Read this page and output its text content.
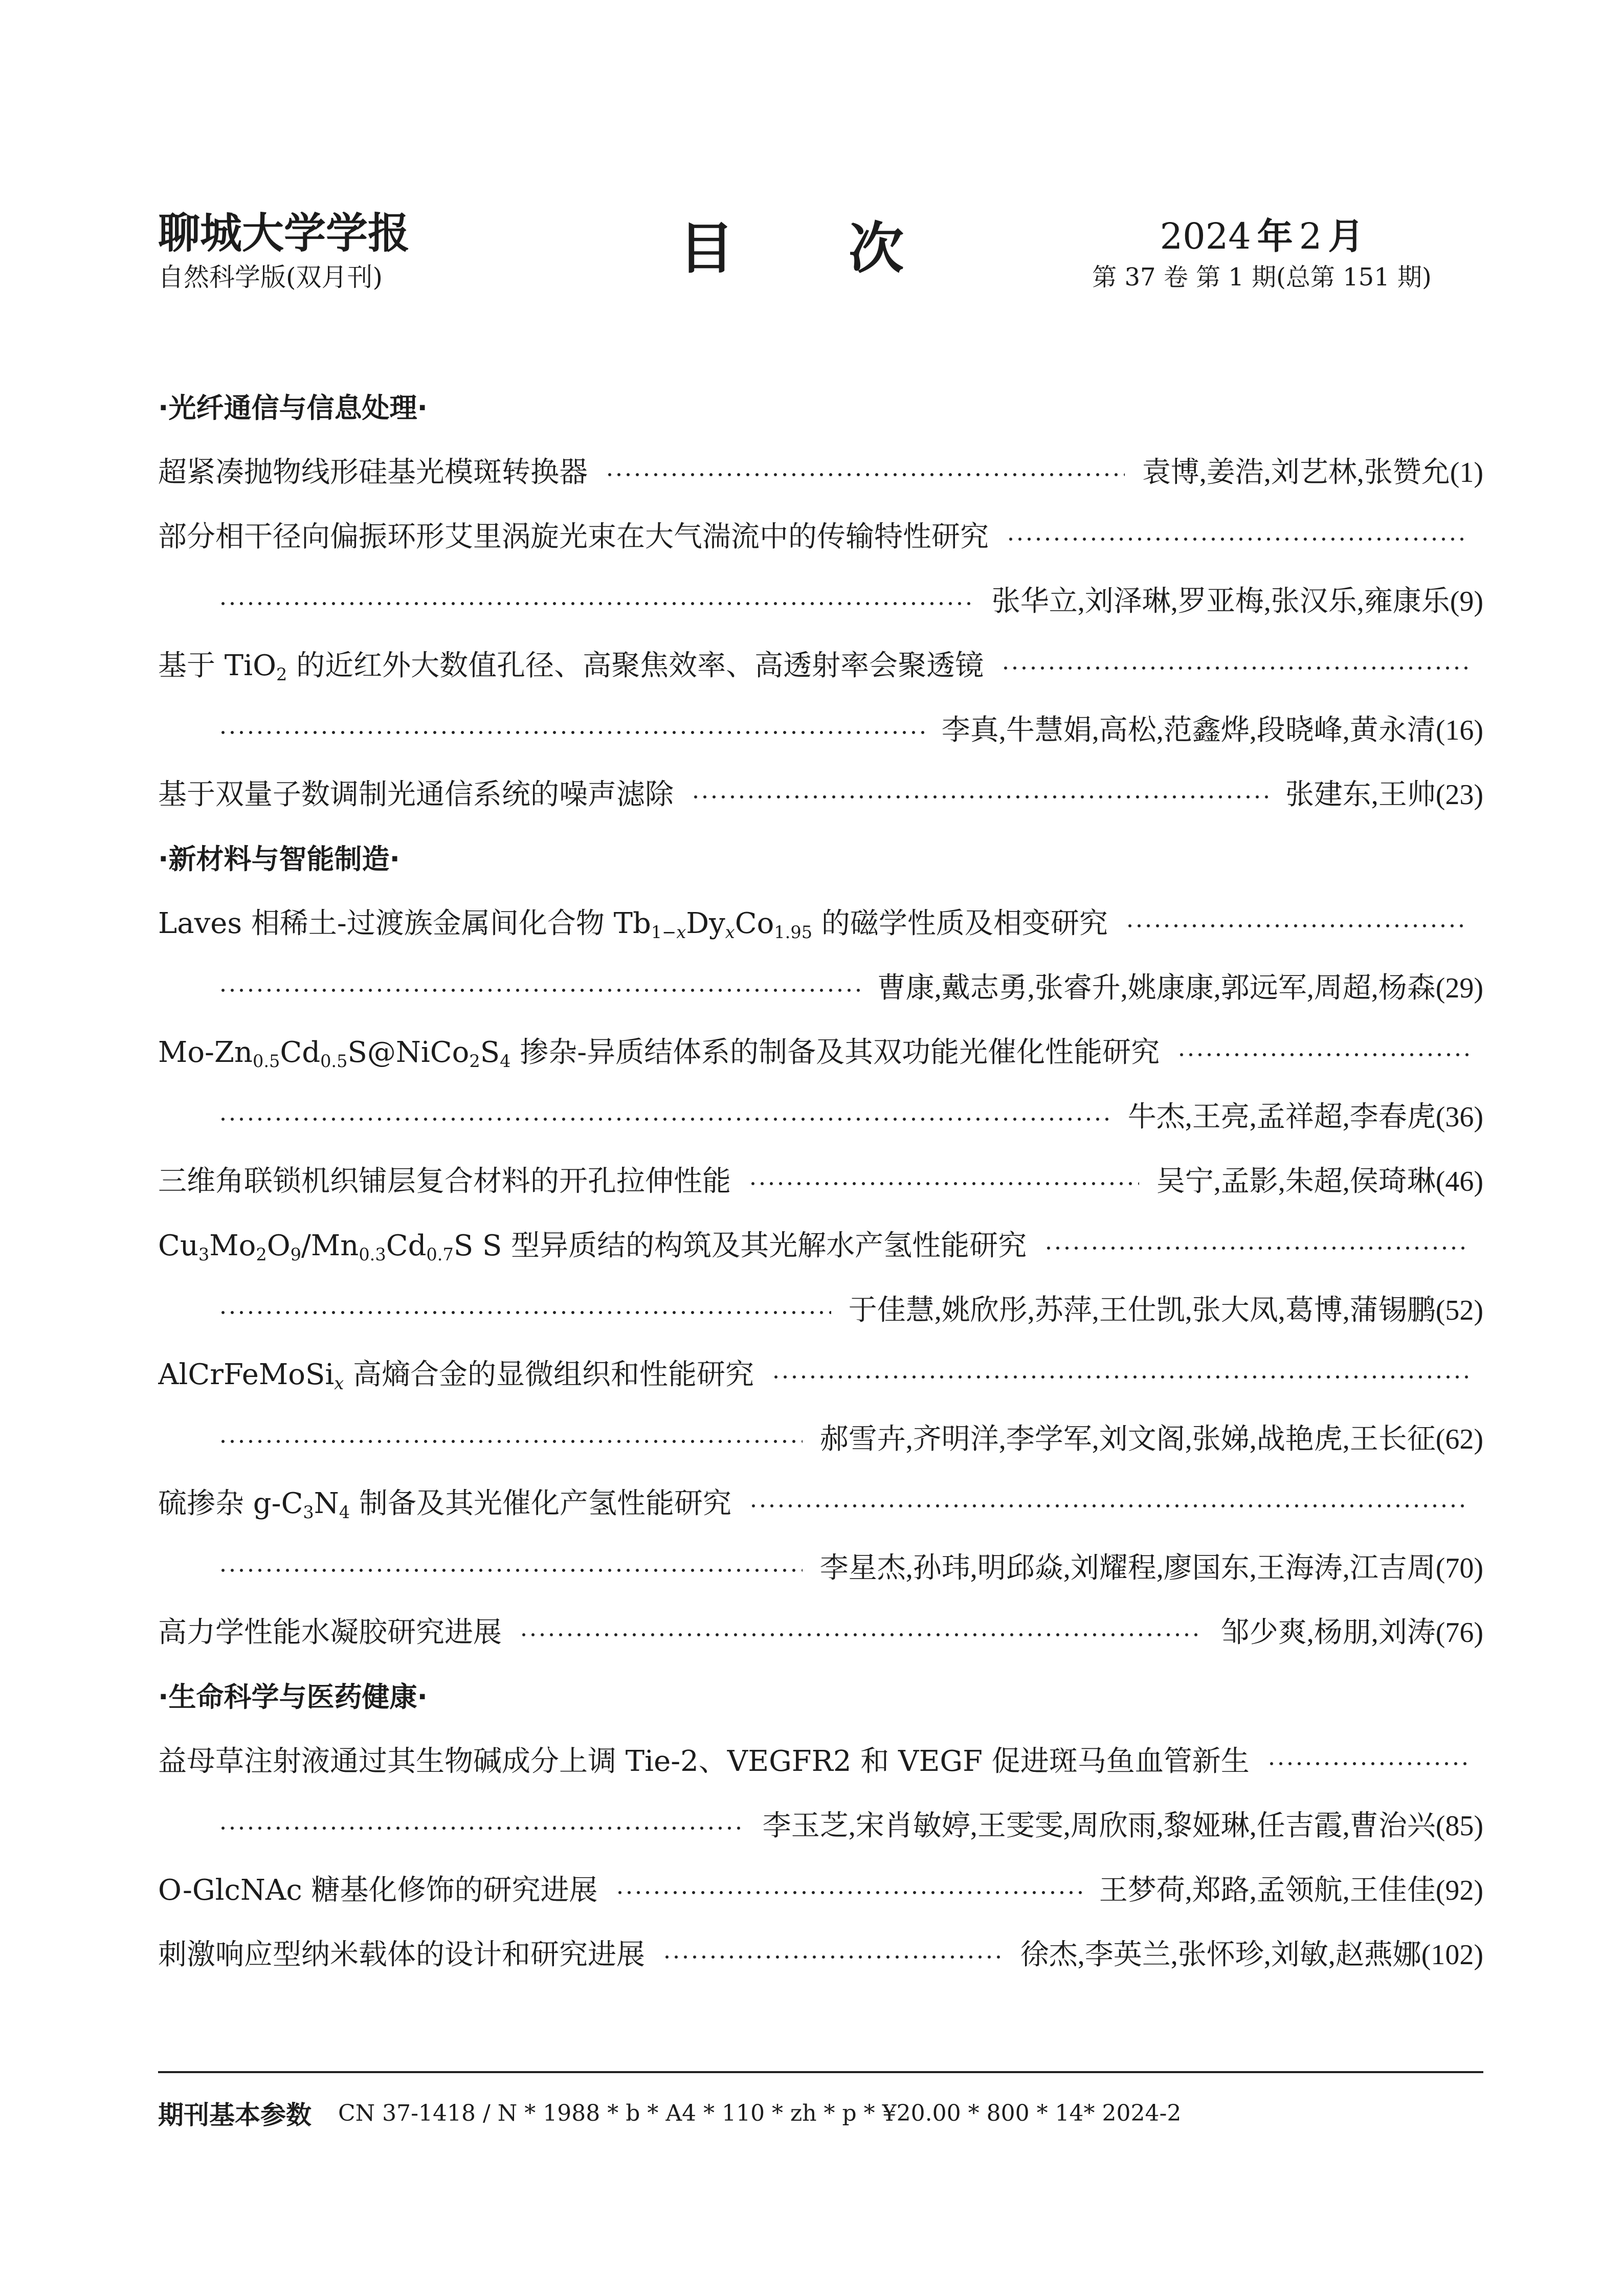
聊城大学学报
自然科学版(双月刊)	目 次	2024 年 2 月
第 37 卷 第 1 期(总第 151 期)
·光纤通信与信息处理·
超紧凑抛物线形硅基光模斑转换器	袁博,姜浩,刘艺林,张赞允(1)
部分相干径向偏振环形艾里涡旋光束在大气湍流中的传输特性研究
张华立,刘泽琳,罗亚梅,张汉乐,雍康乐(9)
基于 TiO2 的近红外大数值孔径、高聚焦效率、高透射率会聚透镜
李真,牛慧娟,高松,范鑫烨,段晓峰,黄永清(16)
基于双量子数调制光通信系统的噪声滤除	张建东,王帅(23)
·新材料与智能制造·
Laves 相稀土-过渡族金属间化合物 Tb1−xDyxCo1.95 的磁学性质及相变研究
曹康,戴志勇,张睿升,姚康康,郭远军,周超,杨森(29)
Mo-Zn0.5Cd0.5S@NiCo2S4 掺杂-异质结体系的制备及其双功能光催化性能研究
牛杰,王亮,孟祥超,李春虎(36)
三维角联锁机织铺层复合材料的开孔拉伸性能	吴宁,孟影,朱超,侯琦琳(46)
Cu3Mo2O9/Mn0.3Cd0.7S S 型异质结的构筑及其光解水产氢性能研究
于佳慧,姚欣彤,苏萍,王仕凯,张大凤,葛博,蒲锡鹏(52)
AlCrFeMoSix 高熵合金的显微组织和性能研究
郝雪卉,齐明洋,李学军,刘文阁,张娣,战艳虎,王长征(62)
硫掺杂 g-C3N4 制备及其光催化产氢性能研究
李星杰,孙玮,明邱焱,刘耀程,廖国东,王海涛,江吉周(70)
高力学性能水凝胶研究进展	邹少爽,杨朋,刘涛(76)
·生命科学与医药健康·
益母草注射液通过其生物碱成分上调 Tie-2、VEGFR2 和 VEGF 促进斑马鱼血管新生
李玉芝,宋肖敏婷,王雯雯,周欣雨,黎娅琳,任吉霞,曹治兴(85)
O-GlcNAc 糖基化修饰的研究进展	王梦荷,郑路,孟领航,王佳佳(92)
刺激响应型纳米载体的设计和研究进展	徐杰,李英兰,张怀珍,刘敏,赵燕娜(102)
期刊基本参数 CN 37-1418 / N * 1988 * b * A4 * 110 * zh * p * ¥20.00 * 800 * 14* 2024-2
